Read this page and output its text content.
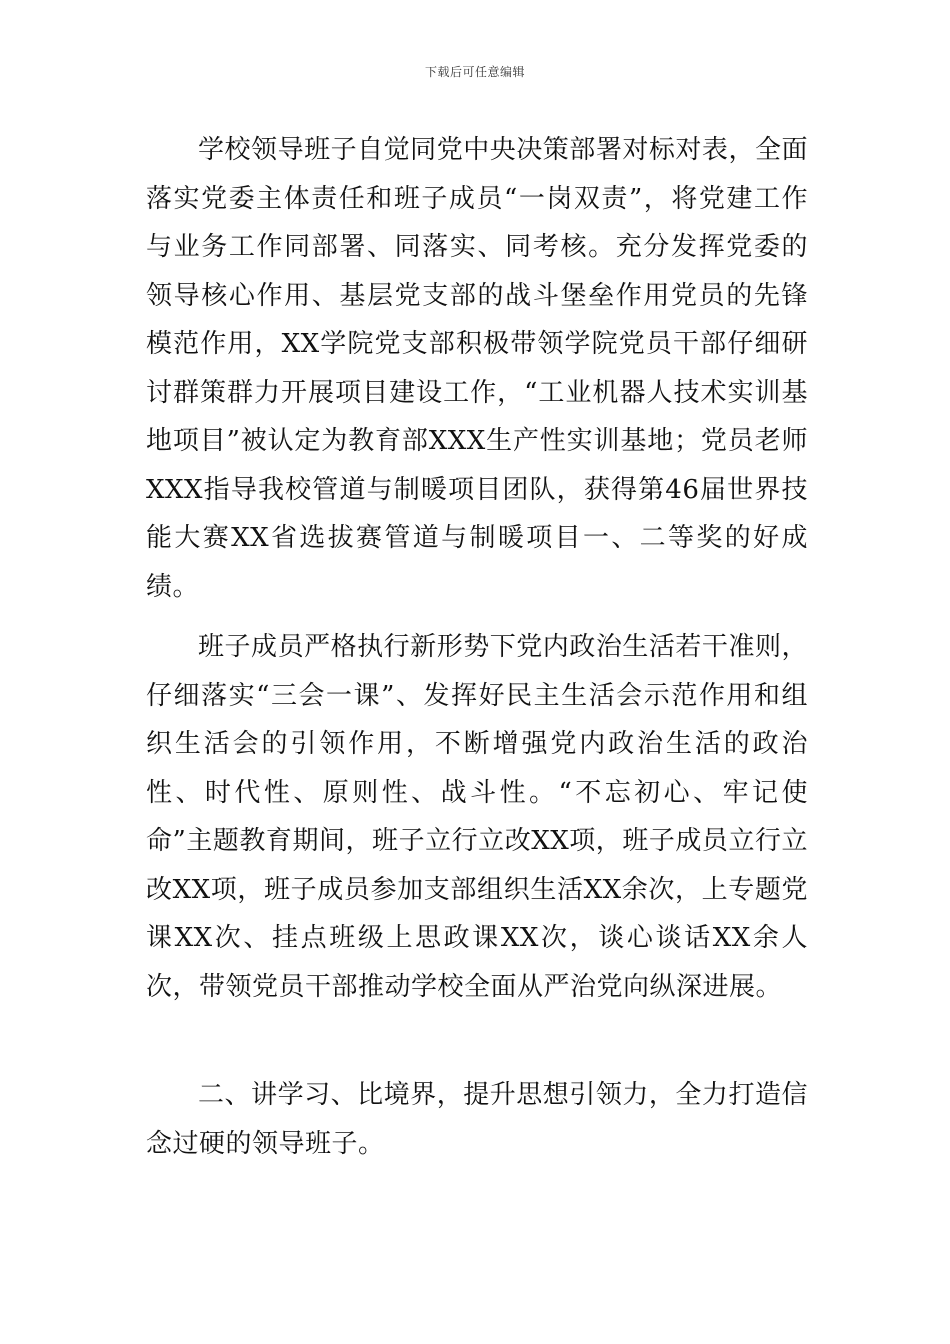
下载后可任意编辑

学校领导班子自觉同党中央决策部署对标对表，全面落实党委主体责任和班子成员“一岗双责”，将党建工作与业务工作同部署、同落实、同考核。充分发挥党委的领导核心作用、基层党支部的战斗堡垒作用党员的先锋模范作用，XX学院党支部积极带领学院党员干部仔细研讨群策群力开展项目建设工作，“工业机器人技术实训基地项目”被认定为教育部XXX生产性实训基地；党员老师XXX指导我校管道与制暖项目团队，获得第46届世界技能大赛XX省选拔赛管道与制暖项目一、二等奖的好成绩。

班子成员严格执行新形势下党内政治生活若干准则，仔细落实“三会一课”、发挥好民主生活会示范作用和组织生活会的引领作用，不断增强党内政治生活的政治性、时代性、原则性、战斗性。“不忘初心、牢记使命”主题教育期间，班子立行立改XX项，班子成员立行立改XX项，班子成员参加支部组织生活XX余次，上专题党课XX次、挂点班级上思政课XX次，谈心谈话XX余人次，带领党员干部推动学校全面从严治党向纵深进展。

二、讲学习、比境界，提升思想引领力，全力打造信念过硬的领导班子。
